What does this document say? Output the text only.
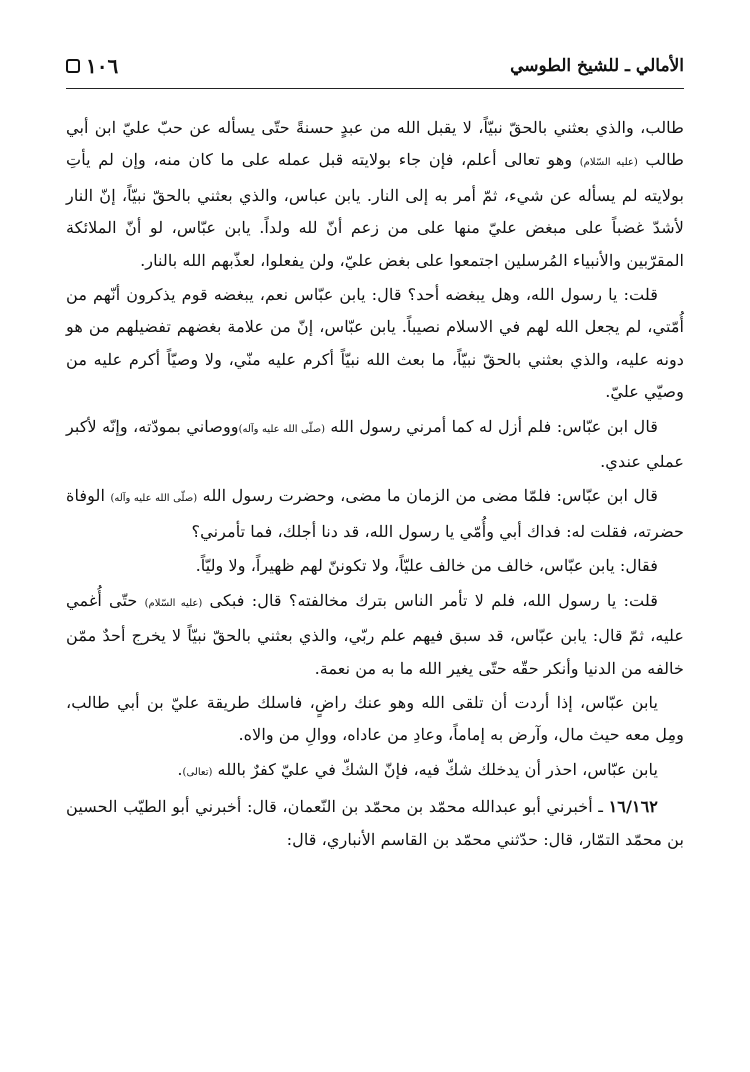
الأمالي ـ للشيخ الطوسي
١٠٦

طالب، والذي بعثني بالحقّ نبيّاً، لا يقبل الله من عبدٍ حسنةً حتّى يسأله عن حبّ عليّ ابن أبي طالب (عليه السّلام) وهو تعالى أعلم، فإن جاء بولايته قبل عمله على ما كان منه، وإن لم يأتِ بولايته لم يسأله عن شيء، ثمّ أمر به إلى النار. يابن عباس، والذي بعثني بالحقّ نبيّاً، إنّ النار لأشدّ غضباً على مبغض عليّ منها على من زعم أنّ لله ولداً. يابن عبّاس، لو أنّ الملائكة المقرّبين والأنبياء المُرسلين اجتمعوا على بغض عليّ، ولن يفعلوا، لعذّبهم الله بالنار.

قلت: يا رسول الله، وهل يبغضه أحد؟ قال: يابن عبّاس نعم، يبغضه قوم يذكرون أنّهم من أُمّتي، لم يجعل الله لهم في الاسلام نصيباً. يابن عبّاس، إنّ من علامة بغضهم تفضيلهم من هو دونه عليه، والذي بعثني بالحقّ نبيّاً، ما بعث الله نبيّاً أكرم عليه منّي، ولا وصيّاً أكرم عليه من وصيّي عليّ.

قال ابن عبّاس: فلم أزل له كما أمرني رسول الله (صلّى الله عليه وآله)ووصاني بمودّته، وإنّه لأكبر عملي عندي.

قال ابن عبّاس: فلمّا مضى من الزمان ما مضى، وحضرت رسول الله (صلّى الله عليه وآله) الوفاة حضرته، فقلت له: فداك أبي وأُمّي يا رسول الله، قد دنا أجلك، فما تأمرني؟

فقال: يابن عبّاس، خالف من خالف عليّاً، ولا تكوننّ لهم ظهيراً، ولا وليّاً.

قلت: يا رسول الله، فلم لا تأمر الناس بترك مخالفته؟ قال: فبكى (عليه السّلام) حتّى أُغمي عليه، ثمّ قال: يابن عبّاس، قد سبق فيهم علم ربّي، والذي بعثني بالحقّ نبيّاً لا يخرج أحدٌ ممّن خالفه من الدنيا وأنكر حقّه حتّى يغير الله ما به من نعمة.

يابن عبّاس، إذا أردت أن تلقى الله وهو عنك راضٍ، فاسلك طريقة عليّ بن أبي طالب، ومِل معه حيث مال، وآرض به إماماً، وعادِ من عاداه، ووالِ من والاه.

يابن عبّاس، احذر أن يدخلك شكّ فيه، فإنّ الشكّ في عليّ كفرٌ بالله (تعالى).

١٦/١٦٢ ـ أخبرني أبو عبدالله محمّد بن محمّد بن النّعمان، قال: أخبرني أبو الطيّب الحسين بن محمّد التمّار، قال: حدّثني محمّد بن القاسم الأنباري، قال:
